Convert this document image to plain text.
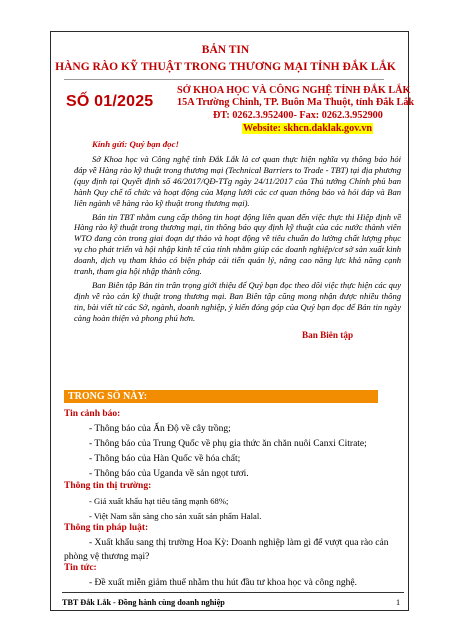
BẢN TIN
HÀNG RÀO KỸ THUẬT TRONG THƯƠNG MẠI TỈNH ĐẮK LẮK
SỐ 01/2025
SỞ KHOA HỌC VÀ CÔNG NGHỆ TỈNH ĐẮK LẮK
15A Trường Chinh, TP. Buôn Ma Thuột, tỉnh Đắk Lắk
ĐT: 0262.3.952400- Fax: 0262.3.952900
Website: skhcn.daklak.gov.vn
Kính gửi: Quý bạn đọc!

Sở Khoa học và Công nghệ tỉnh Đắk Lắk là cơ quan thực hiện nghĩa vụ thông báo hỏi đáp về Hàng rào kỹ thuật trong thương mại (Technical Barriers to Trade - TBT) tại địa phương (quy định tại Quyết định số 46/2017/QĐ-TTg ngày 24/11/2017 của Thủ tướng Chính phủ ban hành Quy chế tổ chức và hoạt động của Mạng lưới các cơ quan thông báo và hỏi đáp và Ban liên ngành về hàng rào kỹ thuật trong thương mại).

Bản tin TBT nhằm cung cấp thông tin hoạt động liên quan đến việc thực thi Hiệp định về Hàng rào kỹ thuật trong thương mại, tin thông báo quy định kỹ thuật của các nước thành viên WTO đang còn trong giai đoạn dự thảo và hoạt động về tiêu chuẩn đo lường chất lượng phục vụ cho phát triển và hội nhập kinh tế của tỉnh nhằm giúp các doanh nghiệp/cơ sở sản xuất kinh doanh, dịch vụ tham khảo có biện pháp cải tiến quản lý, nâng cao năng lực khả năng cạnh tranh, tham gia hội nhập thành công.

Ban Biên tập Bản tin trân trọng giới thiệu để Quý bạn đọc theo dõi việc thực hiện các quy định về rào cản kỹ thuật trong thương mại. Ban Biên tập cũng mong nhận được nhiều thông tin, bài viết từ các Sở, ngành, doanh nghiệp, ý kiến đóng góp của Quý bạn đọc để Bản tin ngày càng hoàn thiện và phong phú hơn.

Ban Biên tập
TRONG SỐ NÀY:
Tin cảnh báo:
- Thông báo của Ấn Độ về cây trồng;
- Thông báo của Trung Quốc về phụ gia thức ăn chăn nuôi Canxi Citrate;
- Thông báo của Hàn Quốc về hóa chất;
- Thông báo của Uganda về sản ngọt tươi.
Thông tin thị trường:
- Giá xuất khẩu hạt tiêu tăng mạnh 68%;
- Việt Nam sẵn sàng cho sản xuất sản phẩm Halal.
Thông tin pháp luật:
- Xuất khẩu sang thị trường Hoa Kỳ: Doanh nghiệp làm gì để vượt qua rào cản
phòng vệ thương mại?
Tin tức:
- Đề xuất miễn giảm thuế nhằm thu hút đầu tư khoa học và công nghệ.
TBT Đắk Lắk - Đồng hành cùng doanh nghiệp	1
